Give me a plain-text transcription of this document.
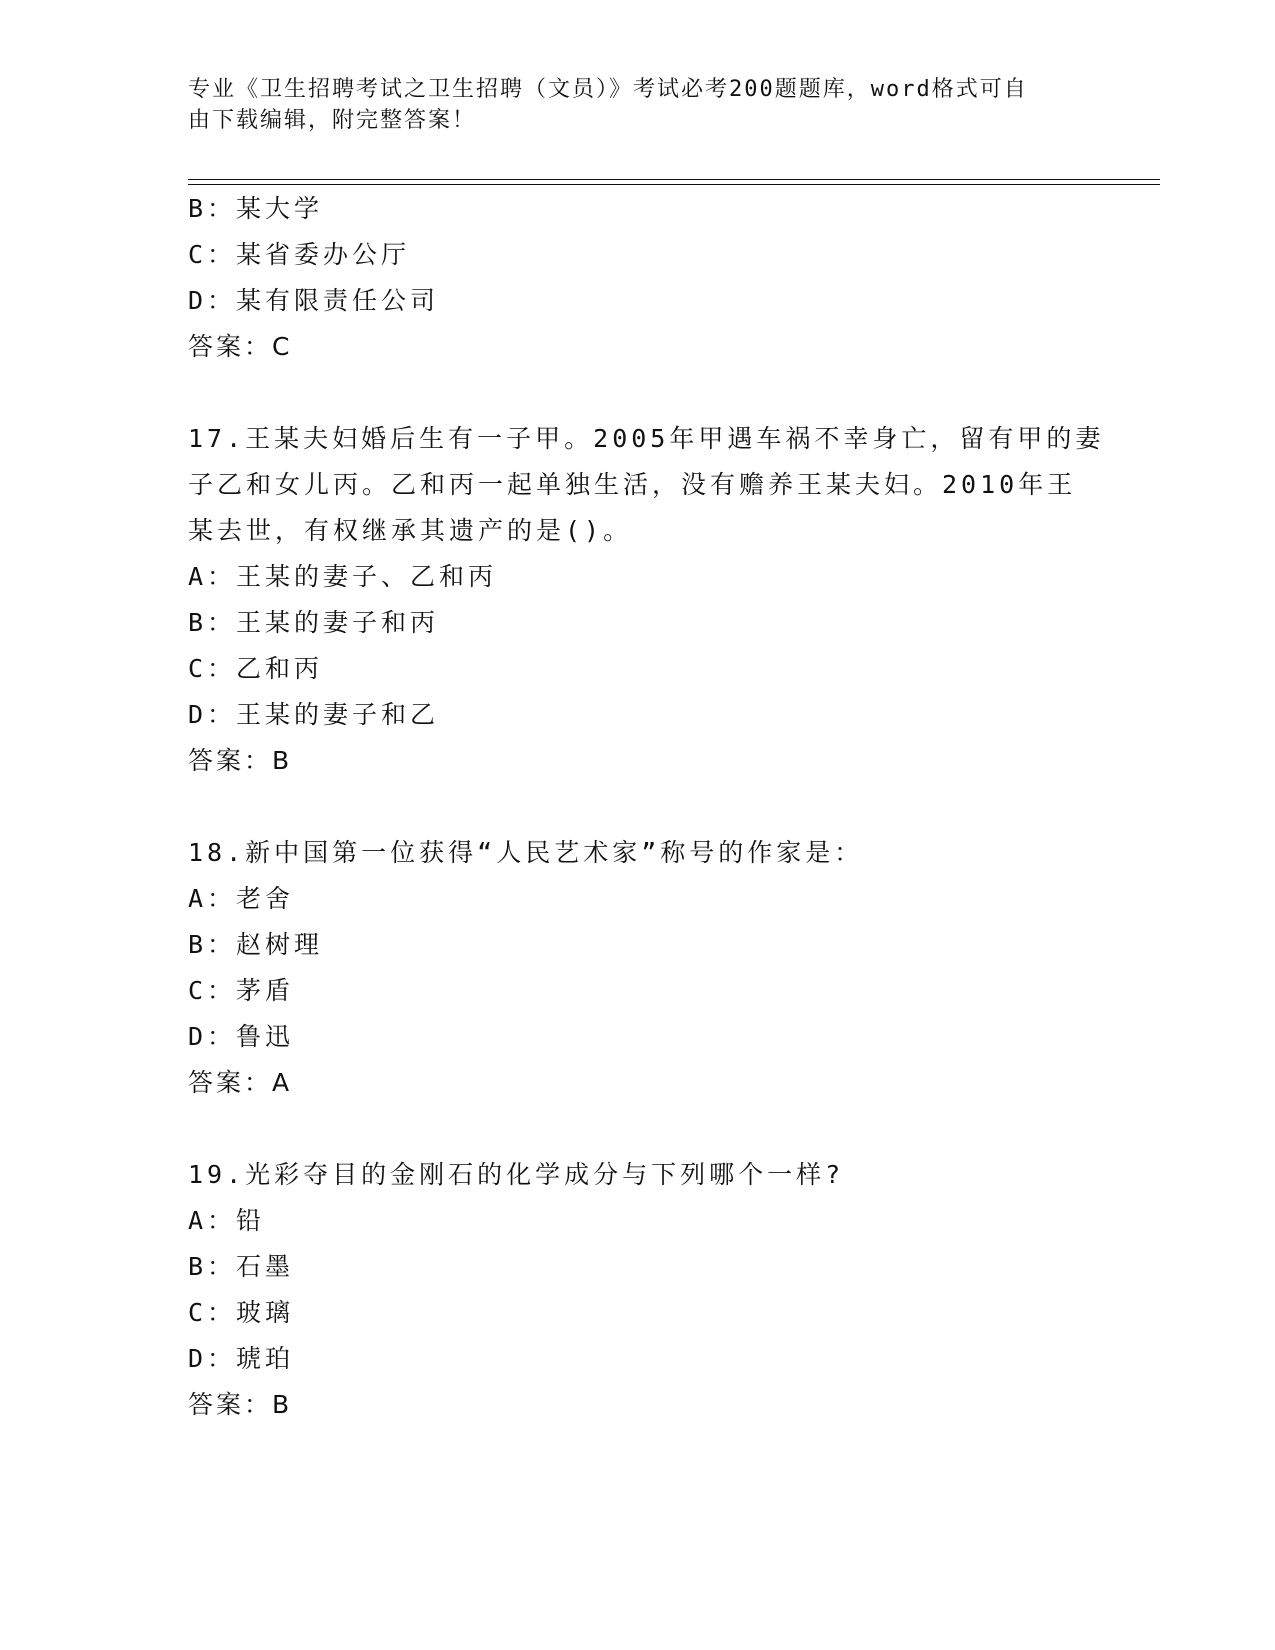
专业《卫生招聘考试之卫生招聘（文员）》考试必考200题题库，word格式可自
由下载编辑，附完整答案！
B：某大学
C：某省委办公厅
D：某有限责任公司
答案：C
17.王某夫妇婚后生有一子甲。2005年甲遇车祸不幸身亡，留有甲的妻
子乙和女儿丙。乙和丙一起单独生活，没有赡养王某夫妇。2010年王
某去世，有权继承其遗产的是()。
A：王某的妻子、乙和丙
B：王某的妻子和丙
C：乙和丙
D：王某的妻子和乙
答案：B
18.新中国第一位获得“人民艺术家”称号的作家是：
A：老舍
B：赵树理
C：茅盾
D：鲁迅
答案：A
19.光彩夺目的金刚石的化学成分与下列哪个一样?
A：铅
B：石墨
C：玻璃
D：琥珀
答案：B
